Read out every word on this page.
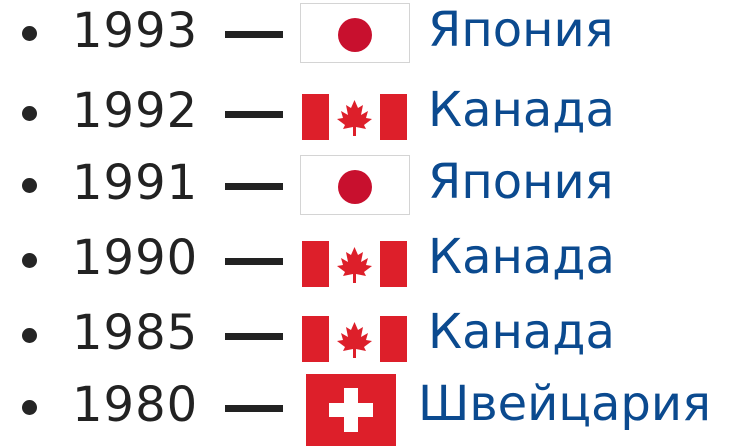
1993	Япония
1992	Канада
1991	Япония
1990	Канада
1985	Канада
1980	Швейцария
